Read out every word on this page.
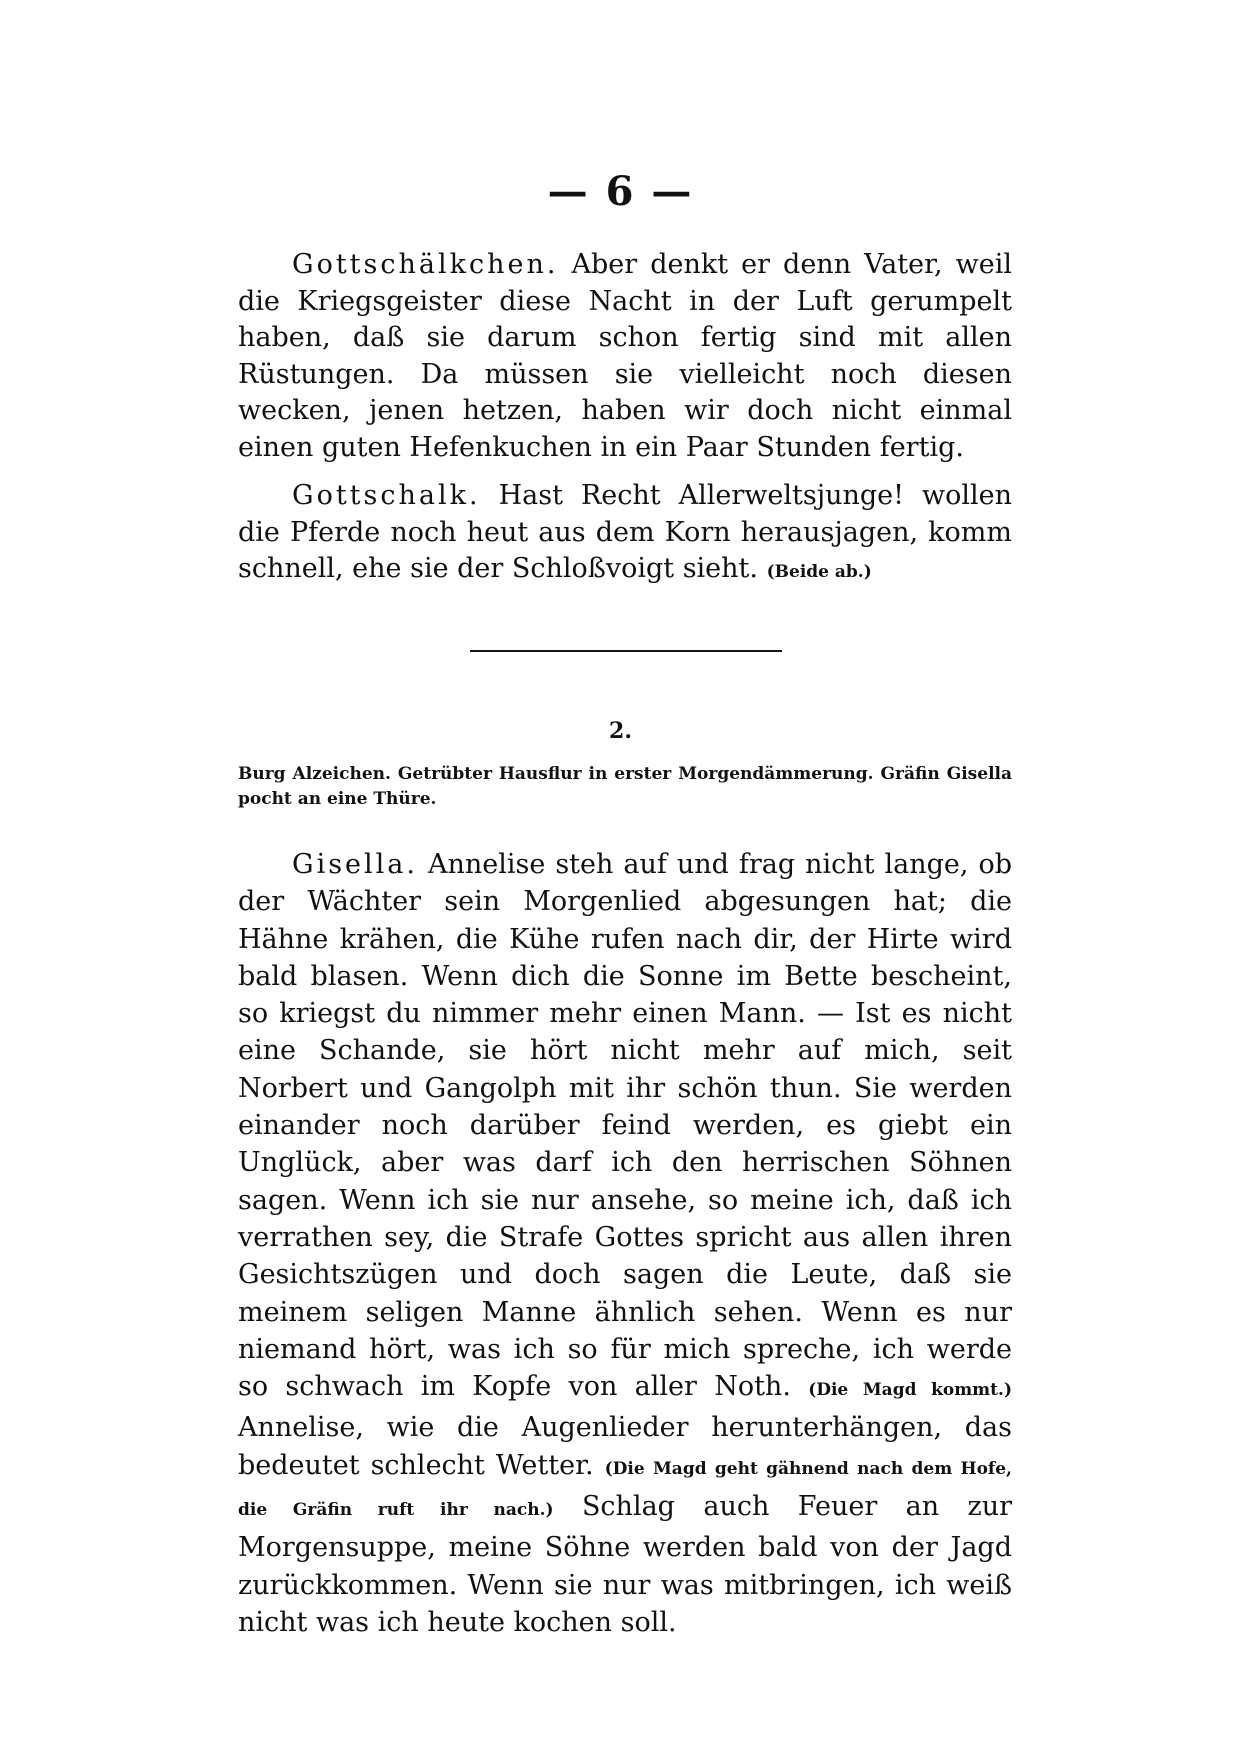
— 6 —

Gottschälkchen. Aber denkt er denn Vater, weil die Kriegsgeister diese Nacht in der Luft gerumpelt haben, daß sie darum schon fertig sind mit allen Rüstungen. Da müssen sie vielleicht noch diesen wecken, jenen hetzen, haben wir doch nicht einmal einen guten Hefenkuchen in ein Paar Stunden fertig.

Gottschalk. Hast Recht Allerweltsjunge! wollen die Pferde noch heut aus dem Korn herausjagen, komm schnell, ehe sie der Schloßvoigt sieht. (Beide ab.)

2.
Burg Alzeichen. Getrübter Hausflur in erster Morgendämmerung. Gräfin Gisella pocht an eine Thüre.

Gisella. Annelise steh auf und frag nicht lange, ob der Wächter sein Morgenlied abgesungen hat; die Hähne krähen, die Kühe rufen nach dir, der Hirte wird bald blasen. Wenn dich die Sonne im Bette bescheint, so kriegst du nimmer mehr einen Mann. — Ist es nicht eine Schande, sie hört nicht mehr auf mich, seit Norbert und Gangolph mit ihr schön thun. Sie werden einander noch darüber feind werden, es giebt ein Unglück, aber was darf ich den herrischen Söhnen sagen. Wenn ich sie nur ansehe, so meine ich, daß ich verrathen sey, die Strafe Gottes spricht aus allen ihren Gesichtszügen und doch sagen die Leute, daß sie meinem seligen Manne ähnlich sehen. Wenn es nur niemand hört, was ich so für mich spreche, ich werde so schwach im Kopfe von aller Noth. (Die Magd kommt.) Annelise, wie die Augenlieder herunterhängen, das bedeutet schlecht Wetter. (Die Magd geht gähnend nach dem Hofe, die Gräfin ruft ihr nach.) Schlag auch Feuer an zur Morgensuppe, meine Söhne werden bald von der Jagd zurückkommen. Wenn sie nur was mitbringen, ich weiß nicht was ich heute kochen soll.
